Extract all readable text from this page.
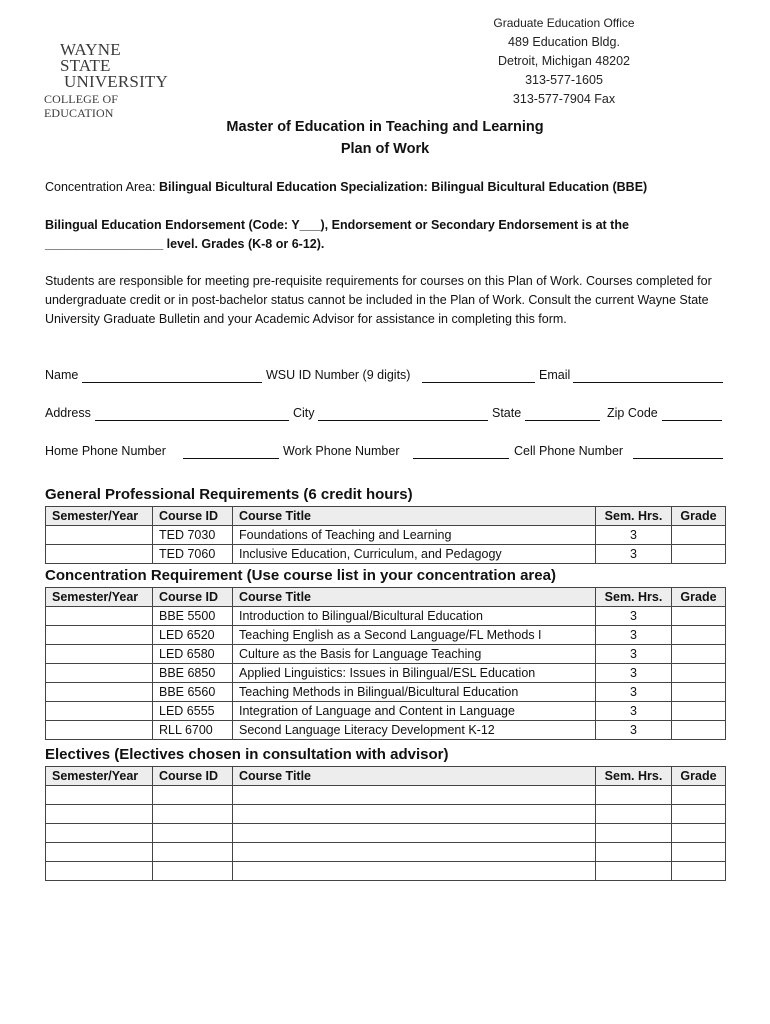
WAYNE STATE
UNIVERSITY
COLLEGE OF EDUCATION
Graduate Education Office
489 Education Bldg.
Detroit, Michigan 48202
313-577-1605
313-577-7904 Fax
Master of Education in Teaching and Learning
Plan of Work
Concentration Area: Bilingual Bicultural Education Specialization: Bilingual Bicultural Education (BBE)
Bilingual Education Endorsement (Code: Y___), Endorsement or Secondary Endorsement is at the
_________________ level. Grades (K-8 or 6-12).
Students are responsible for meeting pre-requisite requirements for courses on this Plan of Work. Courses completed for undergraduate credit or in post-bachelor status cannot be included in the Plan of Work. Consult the current Wayne State University Graduate Bulletin and your Academic Advisor for assistance in completing this form.
Name	WSU ID Number (9 digits)	Email
Address	City	State	Zip Code
Home Phone Number	Work Phone Number	Cell Phone Number
General Professional Requirements (6 credit hours)
Semester/Year	Course ID	Course Title	Sem. Hrs.	Grade
	TED 7030	Foundations of Teaching and Learning	3	
	TED 7060	Inclusive Education, Curriculum, and Pedagogy	3	
Concentration Requirement (Use course list in your concentration area)
Semester/Year	Course ID	Course Title	Sem. Hrs.	Grade
	BBE 5500	Introduction to Bilingual/Bicultural Education	3	
	LED 6520	Teaching English as a Second Language/FL Methods I	3	
	LED 6580	Culture as the Basis for Language Teaching	3	
	BBE 6850	Applied Linguistics: Issues in Bilingual/ESL Education	3	
	BBE 6560	Teaching Methods in Bilingual/Bicultural Education	3	
	LED 6555	Integration of Language and Content in Language	3	
	RLL 6700	Second Language Literacy Development K-12	3	
Electives (Electives chosen in consultation with advisor)
Semester/Year	Course ID	Course Title	Sem. Hrs.	Grade
